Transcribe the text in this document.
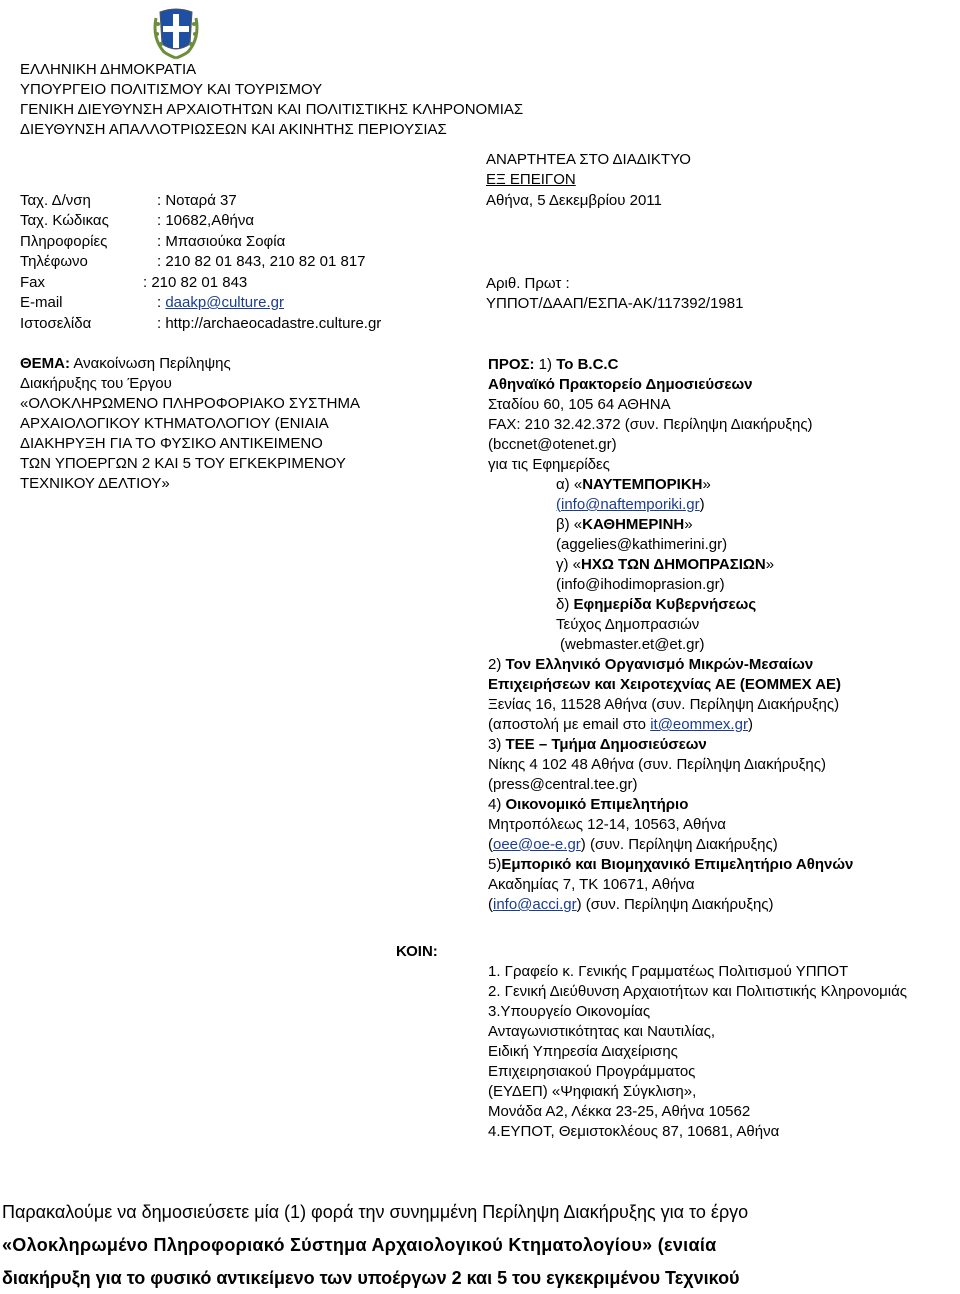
ΕΛΛΗΝΙΚΗ ΔΗΜΟΚΡΑΤΙΑ
ΥΠΟΥΡΓΕΙΟ ΠΟΛΙΤΙΣΜΟΥ ΚΑΙ ΤΟΥΡΙΣΜΟΥ
ΓΕΝΙΚΗ ΔΙΕΥΘΥΝΣΗ ΑΡΧΑΙΟΤΗΤΩΝ ΚΑΙ ΠΟΛΙΤΙΣΤΙΚΗΣ ΚΛΗΡΟΝΟΜΙΑΣ
ΔΙΕΥΘΥΝΣΗ ΑΠΑΛΛΟΤΡΙΩΣΕΩΝ ΚΑΙ ΑΚΙΝΗΤΗΣ ΠΕΡΙΟΥΣΙΑΣ
ΑΝΑΡΤΗΤΕΑ ΣΤΟ ΔΙΑΔΙΚΤΥΟ
ΕΞ ΕΠΕΙΓΟΝ
Αθήνα, 5 Δεκεμβρίου 2011
Αριθ. Πρωτ :
ΥΠΠΟΤ/ΔΑΑΠ/ΕΣΠΑ-ΑΚ/117392/1981
Ταχ. Δ/νση	: Νοταρά 37
Ταχ. Κώδικας	: 10682,Αθήνα
Πληροφορίες	: Μπασιούκα Σοφία
Τηλέφωνο	: 210 82 01 843, 210 82 01 817
Fax	: 210 82 01 843
E-mail	: daakp@culture.gr
Ιστοσελίδα	: http://archaeocadastre.culture.gr
ΘΕΜΑ: Ανακοίνωση Περίληψης
Διακήρυξης του Έργου
«ΟΛΟΚΛΗΡΩΜΕΝΟ ΠΛΗΡΟΦΟΡΙΑΚΟ ΣΥΣΤΗΜΑ
ΑΡΧΑΙΟΛΟΓΙΚΟΥ ΚΤΗΜΑΤΟΛΟΓΙΟΥ (ΕΝΙΑΙΑ
ΔΙΑΚΗΡΥΞΗ ΓΙΑ ΤΟ ΦΥΣΙΚΟ ΑΝΤΙΚΕΙΜΕΝΟ
ΤΩΝ ΥΠΟΕΡΓΩΝ 2 ΚΑΙ 5 ΤΟΥ ΕΓΚΕΚΡΙΜΕΝΟΥ
ΤΕΧΝΙΚΟΥ ΔΕΛΤΙΟΥ»
ΠΡΟΣ: 1) Το B.C.C
Αθηναϊκό Πρακτορείο Δημοσιεύσεων
Σταδίου 60, 105 64 ΑΘΗΝΑ
FAX: 210 32.42.372 (συν. Περίληψη Διακήρυξης)
(bccnet@otenet.gr)
για τις Εφημερίδες
α) «ΝΑΥΤΕΜΠΟΡΙΚΗ»
(info@naftemporiki.gr)
β) «ΚΑΘΗΜΕΡΙΝΗ»
(aggelies@kathimerini.gr)
γ) «ΗΧΩ ΤΩΝ ΔΗΜΟΠΡΑΣΙΩΝ»
(info@ihodimoprasion.gr)
δ) Εφημερίδα Κυβερνήσεως
Τεύχος Δημοπρασιών
(webmaster.et@et.gr)
2) Τον Ελληνικό Οργανισμό Μικρών-Μεσαίων
Επιχειρήσεων και Χειροτεχνίας ΑΕ (ΕΟΜΜΕΧ ΑΕ)
Ξενίας 16, 11528 Αθήνα (συν. Περίληψη Διακήρυξης)
(αποστολή με email στο it@eommex.gr)
3) ΤΕΕ – Τμήμα Δημοσιεύσεων
Νίκης 4 102 48 Αθήνα (συν. Περίληψη Διακήρυξης)
(press@central.tee.gr)
4) Οικονομικό Επιμελητήριο
Μητροπόλεως 12-14, 10563, Αθήνα
(oee@oe-e.gr) (συν. Περίληψη Διακήρυξης)
5)Εμπορικό και Βιομηχανικό Επιμελητήριο Αθηνών
Ακαδημίας 7, ΤΚ 10671, Αθήνα
(info@acci.gr) (συν. Περίληψη Διακήρυξης)
ΚΟΙΝ:
1. Γραφείο κ. Γενικής Γραμματέως Πολιτισμού ΥΠΠΟΤ
2. Γενική Διεύθυνση Αρχαιοτήτων και Πολιτιστικής Κληρονομιάς
3.Υπουργείο Οικονομίας
Ανταγωνιστικότητας και Ναυτιλίας,
Ειδική Υπηρεσία Διαχείρισης
Επιχειρησιακού Προγράμματος
(ΕΥΔΕΠ) «Ψηφιακή Σύγκλιση»,
Μονάδα Α2, Λέκκα 23-25, Αθήνα 10562
4.ΕΥΠΟΤ, Θεμιστοκλέους 87, 10681, Αθήνα
Παρακαλούμε να δημοσιεύσετε μία (1) φορά την συνημμένη Περίληψη Διακήρυξης για το έργο
«Ολοκληρωμένο Πληροφοριακό Σύστημα Αρχαιολογικού Κτηματολογίου» (ενιαία
διακήρυξη για το φυσικό αντικείμενο των υποέργων 2 και 5 του εγκεκριμένου Τεχνικού
